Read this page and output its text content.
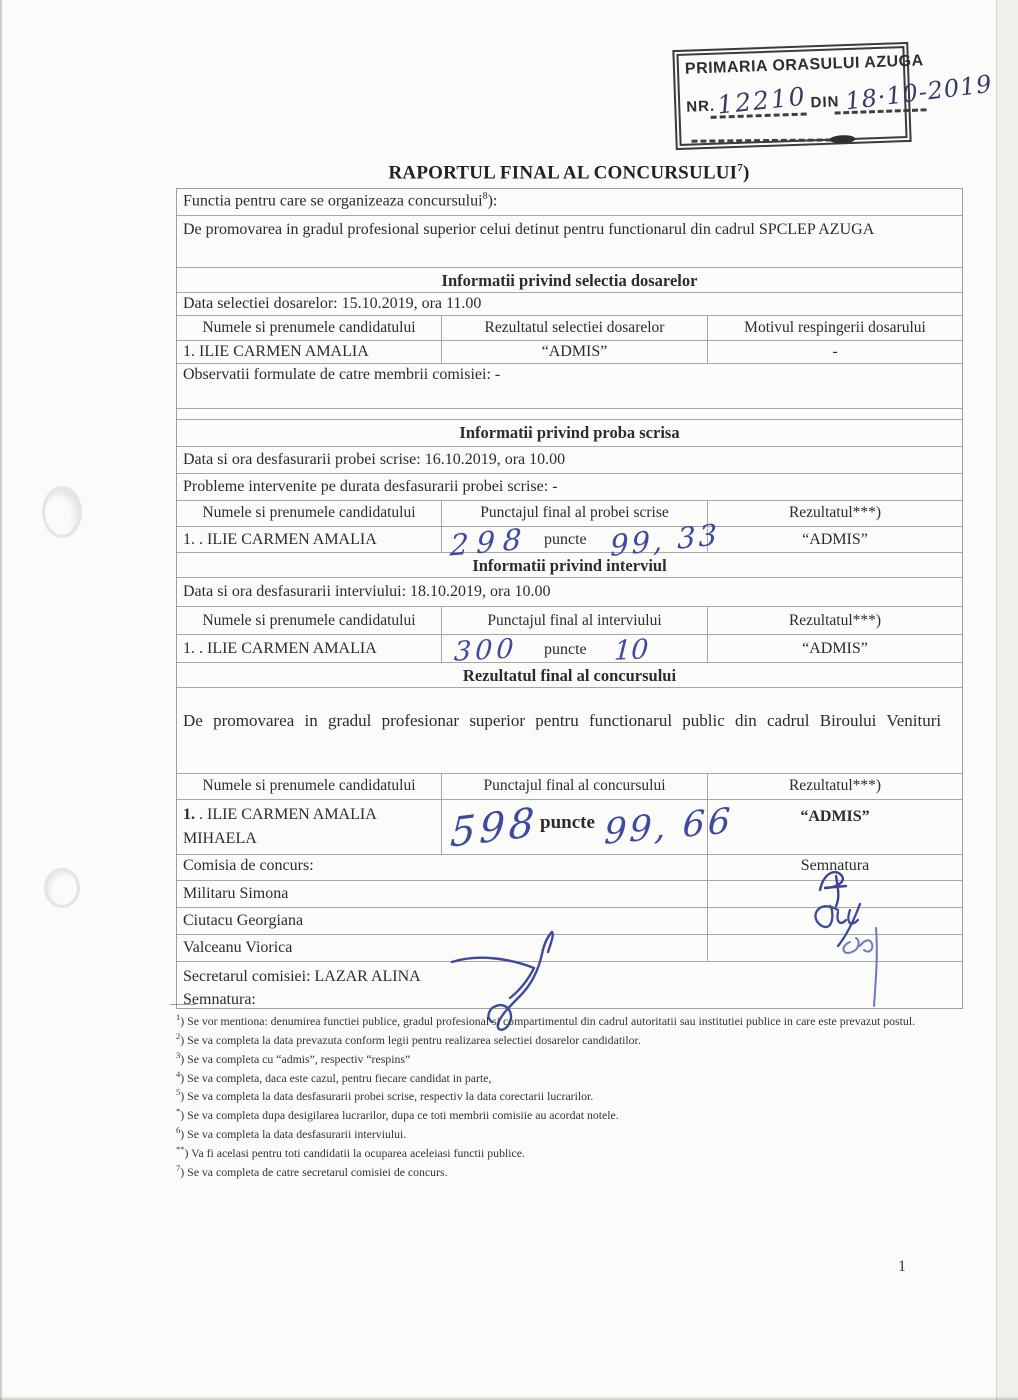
PRIMARIA ORASULUI AZUGA
NR.12210 DIN 18·10-2019
RAPORTUL FINAL AL CONCURSULUI$^7$)
Functia pentru care se organizeaza concursului$^8$):
De promovarea in gradul profesional superior celui detinut pentru functionarul din cadrul SPCLEP AZUGA
Informatii privind selectia dosarelor
Data selectiei dosarelor: 15.10.2019, ora 11.00
Numele si prenumele candidatului	Rezultatul selectiei dosarelor	Motivul respingerii dosarului
1. ILIE CARMEN AMALIA	“ADMIS”	-
Observatii formulate de catre membrii comisiei: -
Informatii privind proba scrisa
Data si ora desfasurarii probei scrise: 16.10.2019, ora 10.00
Probleme intervenite pe durata desfasurarii probei scrise: -
Numele si prenumele candidatului	Punctajul final al probei scrise	Rezultatul***)
1. . ILIE CARMEN AMALIA	298 puncte 99, 33	“ADMIS”
Informatii privind interviul
Data si ora desfasurarii interviului: 18.10.2019, ora 10.00
Numele si prenumele candidatului	Punctajul final al interviului	Rezultatul***)
1. . ILIE CARMEN AMALIA	300 puncte 10	“ADMIS”
Rezultatul final al concursului
De promovarea in gradul profesionar superior pentru functionarul public din cadrul Biroului Venituri
Numele si prenumele candidatului	Punctajul final al concursului	Rezultatul***)
1. . ILIE CARMEN AMALIA MIHAELA	598 puncte 99, 66	“ADMIS”
Comisia de concurs:	Semnatura
Militaru Simona
Ciutacu Georgiana
Valceanu Viorica
Secretarul comisiei: LAZAR ALINA
Semnatura:
$^1$) Se vor mentiona: denumirea functiei publice, gradul profesional si compartimentul din cadrul autoritatii sau institutiei publice in care este prevazut postul.
$^2$) Se va completa la data prevazuta conform legii pentru realizarea selectiei dosarelor candidatilor.
$^3$) Se va completa cu “admis”, respectiv “respins”
$^4$) Se va completa, daca este cazul, pentru fiecare candidat in parte,
$^5$) Se va completa la data desfasurarii probei scrise, respectiv la data corectarii lucrarilor.
*) Se va completa dupa desigilarea lucrarilor, dupa ce toti membrii comisiie au acordat notele.
$^6$) Se va completa la data desfasurarii interviului.
**) Va fi acelasi pentru toti candidatii la ocuparea aceleiasi functii publice.
$^7$) Se va completa de catre secretarul comisiei de concurs.
1
